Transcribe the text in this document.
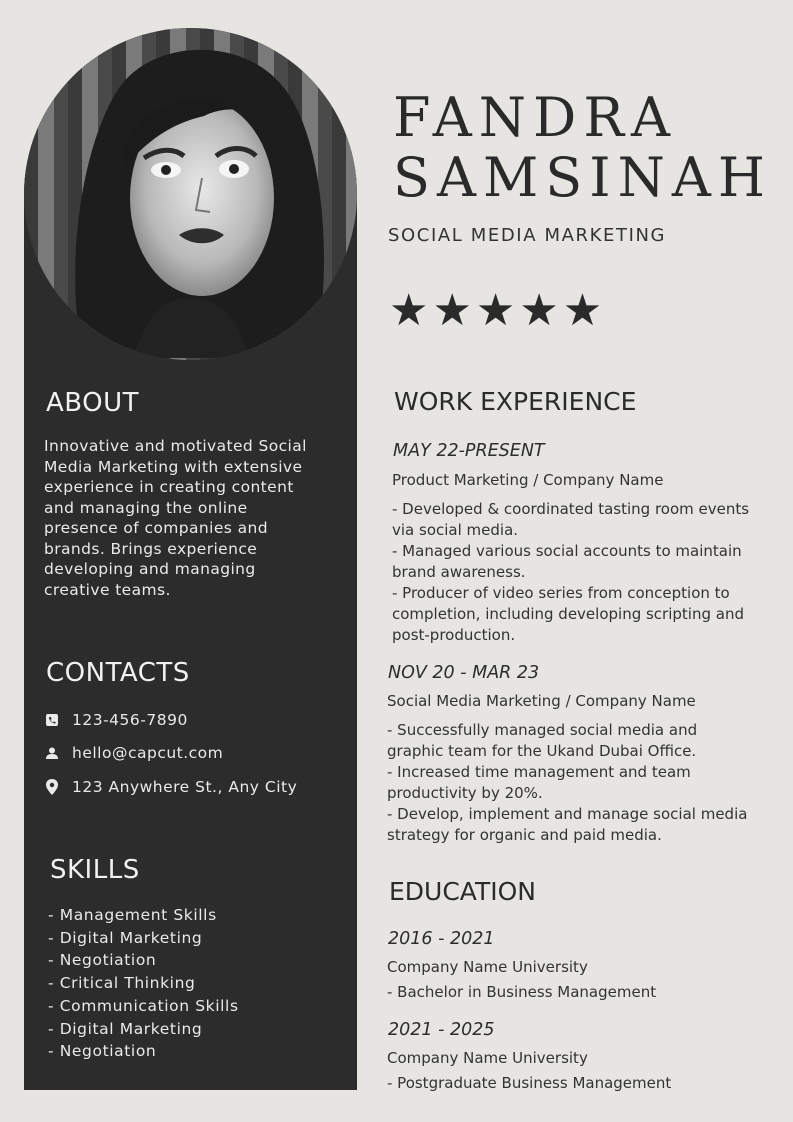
ABOUT
Innovative and motivated Social
Media Marketing with extensive
experience in creating content
and managing the online
presence of companies and
brands. Brings experience
developing and managing
creative teams.
CONTACTS
123-456-7890
hello@capcut.com
123 Anywhere St., Any City
SKILLS
- Management Skills
- Digital Marketing
- Negotiation
- Critical Thinking
- Communication Skills
- Digital Marketing
- Negotiation
FANDRA
SAMSINAH
SOCIAL MEDIA MARKETING
★★★★★
WORK EXPERIENCE
MAY 22-PRESENT
Product Marketing / Company Name
- Developed & coordinated tasting room events
via social media.
- Managed various social accounts to maintain
brand awareness.
- Producer of video series from conception to
completion, including developing scripting and
post-production.
NOV 20 - MAR 23
Social Media Marketing / Company Name
- Successfully managed social media and
graphic team for the Ukand Dubai Office.
- Increased time management and team
productivity by 20%.
- Develop, implement and manage social media
strategy for organic and paid media.
EDUCATION
2016 - 2021
Company Name University
- Bachelor in Business Management
2021 - 2025
Company Name University
- Postgraduate Business Management
